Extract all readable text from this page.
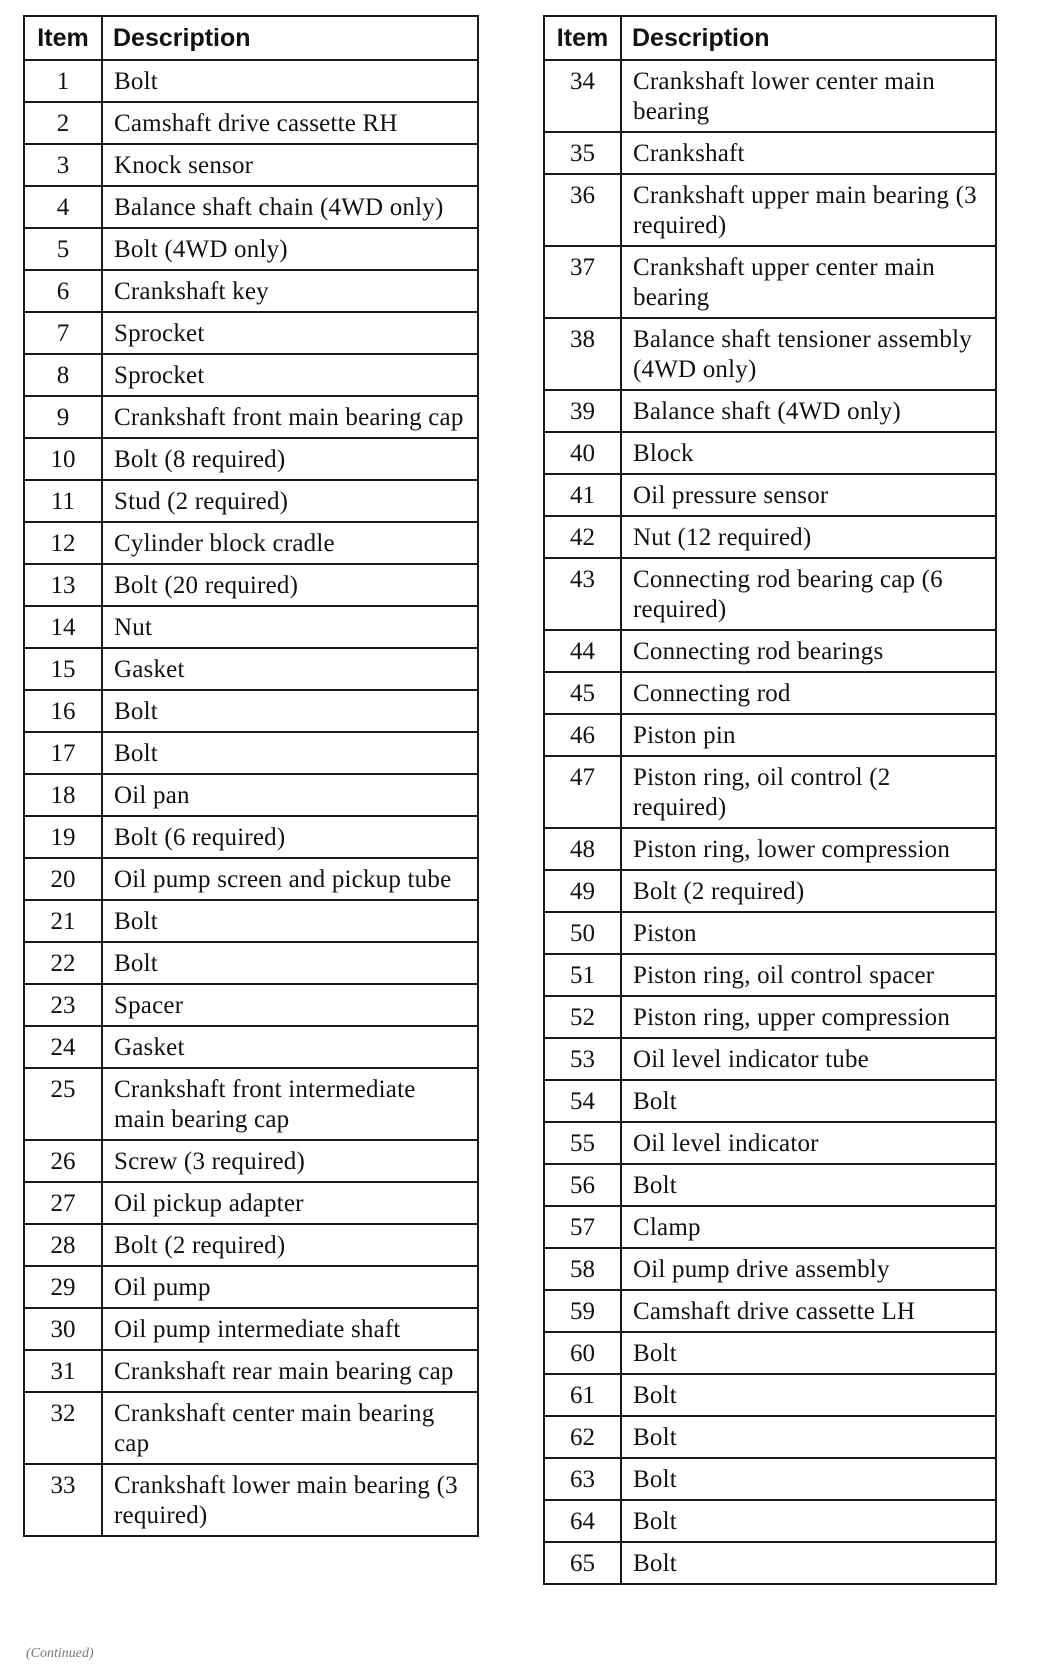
Item	Description
1	Bolt
2	Camshaft drive cassette RH
3	Knock sensor
4	Balance shaft chain (4WD only)
5	Bolt (4WD only)
6	Crankshaft key
7	Sprocket
8	Sprocket
9	Crankshaft front main bearing cap
10	Bolt (8 required)
11	Stud (2 required)
12	Cylinder block cradle
13	Bolt (20 required)
14	Nut
15	Gasket
16	Bolt
17	Bolt
18	Oil pan
19	Bolt (6 required)
20	Oil pump screen and pickup tube
21	Bolt
22	Bolt
23	Spacer
24	Gasket
25	Crankshaft front intermediate main bearing cap
26	Screw (3 required)
27	Oil pickup adapter
28	Bolt (2 required)
29	Oil pump
30	Oil pump intermediate shaft
31	Crankshaft rear main bearing cap
32	Crankshaft center main bearing cap
33	Crankshaft lower main bearing (3 required)
Item	Description
34	Crankshaft lower center main bearing
35	Crankshaft
36	Crankshaft upper main bearing (3 required)
37	Crankshaft upper center main bearing
38	Balance shaft tensioner assembly (4WD only)
39	Balance shaft (4WD only)
40	Block
41	Oil pressure sensor
42	Nut (12 required)
43	Connecting rod bearing cap (6 required)
44	Connecting rod bearings
45	Connecting rod
46	Piston pin
47	Piston ring, oil control (2 required)
48	Piston ring, lower compression
49	Bolt (2 required)
50	Piston
51	Piston ring, oil control spacer
52	Piston ring, upper compression
53	Oil level indicator tube
54	Bolt
55	Oil level indicator
56	Bolt
57	Clamp
58	Oil pump drive assembly
59	Camshaft drive cassette LH
60	Bolt
61	Bolt
62	Bolt
63	Bolt
64	Bolt
65	Bolt
(Continued)
